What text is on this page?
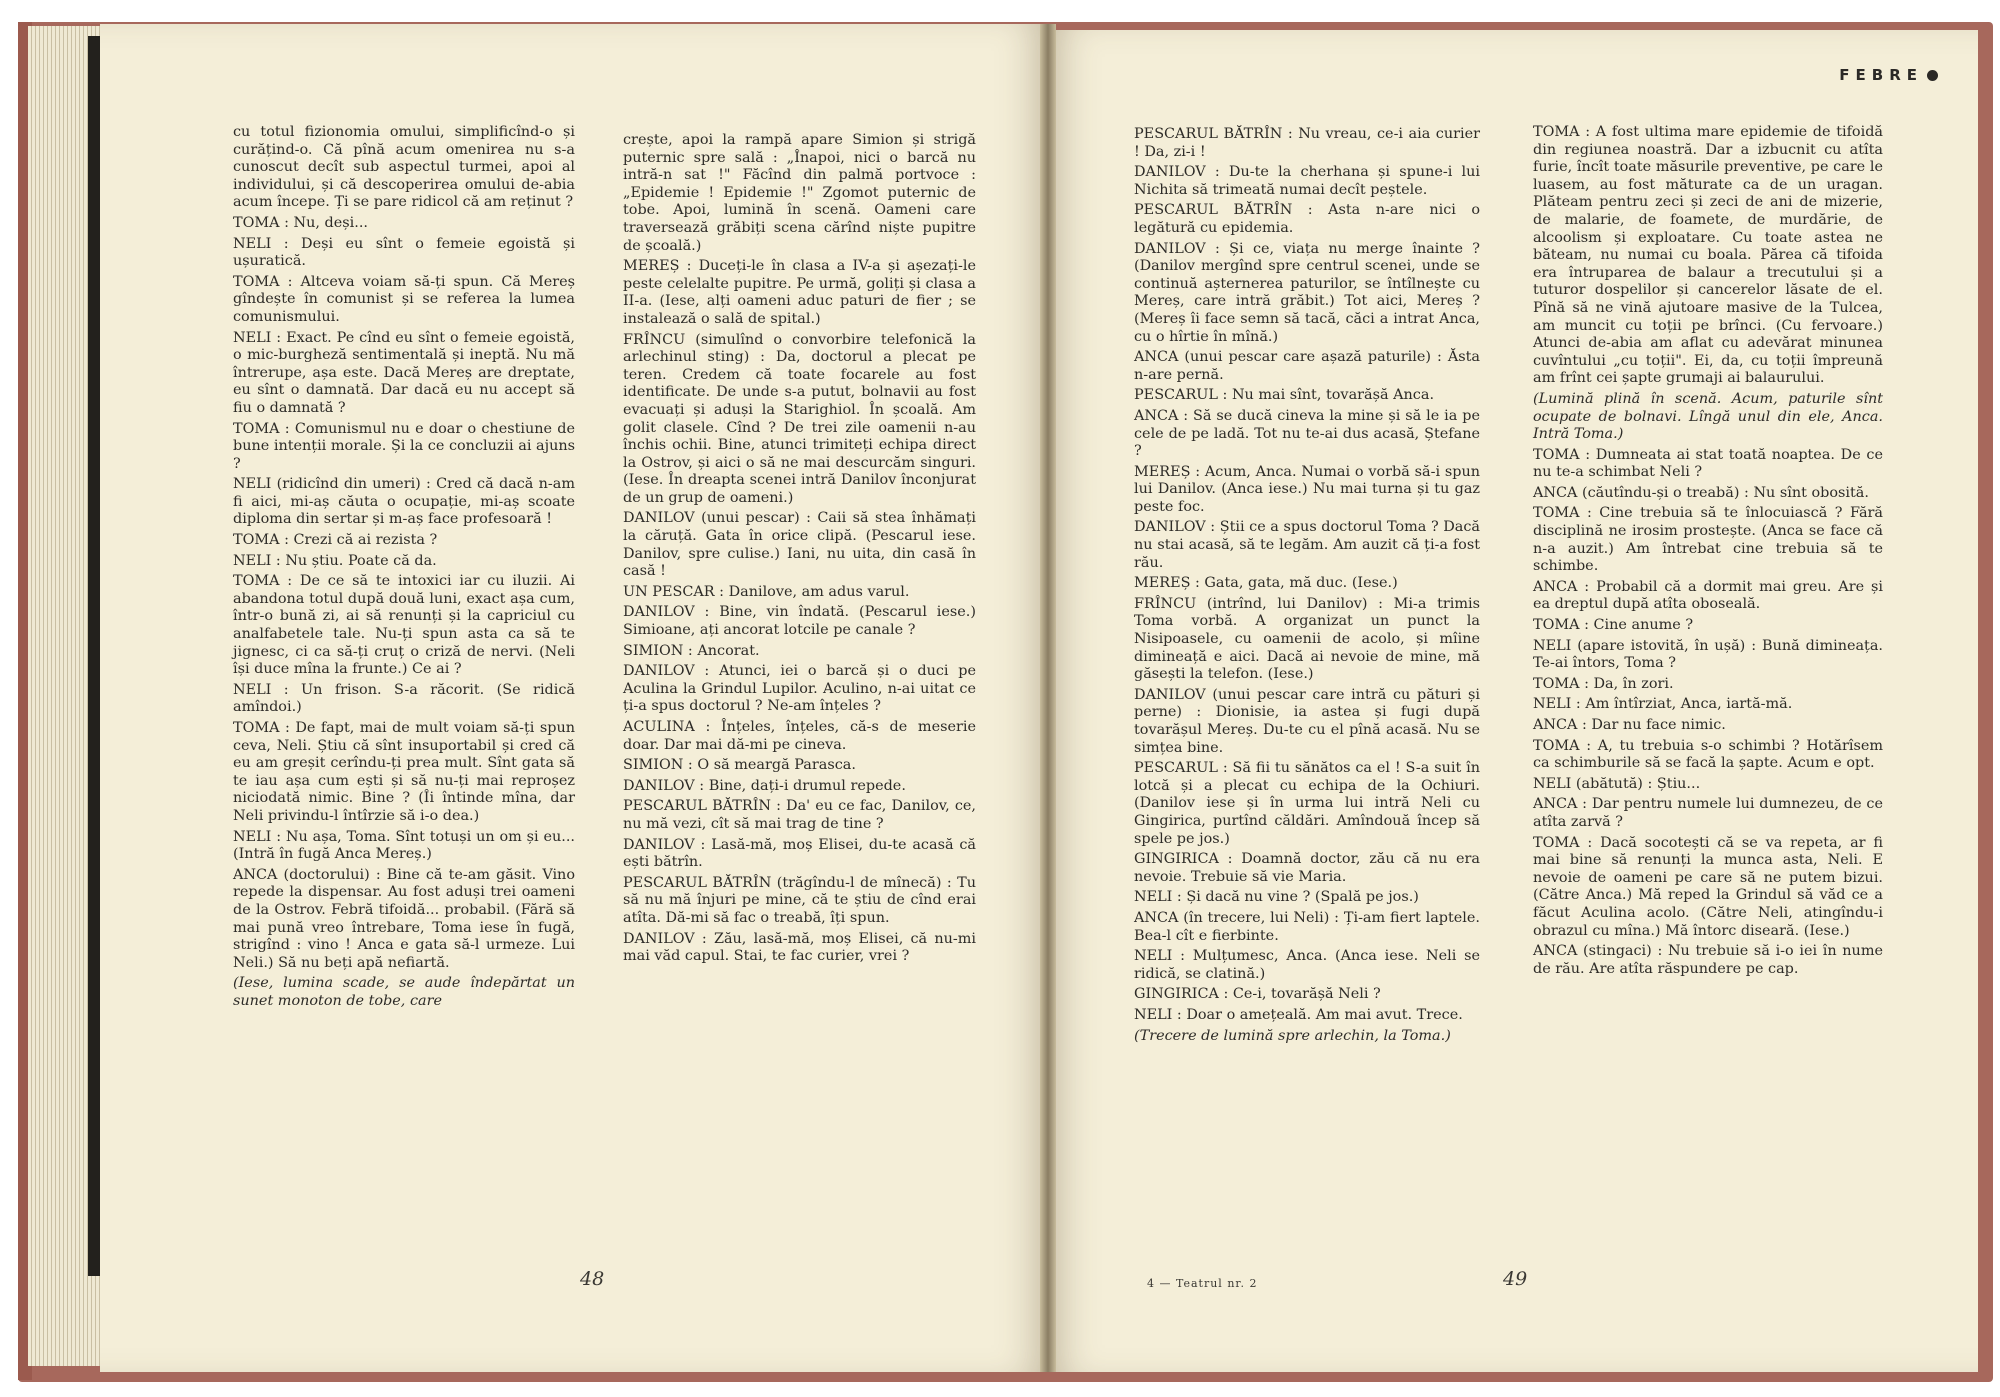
FEBRE

cu totul fizionomia omului, simplificînd-o și curățind-o. Că pînă acum omenirea nu s-a cunoscut decît sub aspectul turmei, apoi al individului, și că descoperirea omului de-abia acum începe. Ți se pare ridicol că am reținut ?

TOMA : Nu, deși...

NELI : Deși eu sînt o femeie egoistă și ușuratică.

TOMA : Altceva voiam să-ți spun. Că Mereș gîndește în comunist și se referea la lumea comunismului.

NELI : Exact. Pe cînd eu sînt o femeie egoistă, o mic-burgheză sentimentală și ineptă. Nu mă întrerupe, așa este. Dacă Mereș are dreptate, eu sînt o damnată. Dar dacă eu nu accept să fiu o damnată ?

TOMA : Comunismul nu e doar o chestiune de bune intenții morale. Și la ce concluzii ai ajuns ?

NELI (ridicînd din umeri) : Cred că dacă n-am fi aici, mi-aș căuta o ocupație, mi-aș scoate diploma din sertar și m-aș face profesoară !

TOMA : Crezi că ai rezista ?

NELI : Nu știu. Poate că da.

TOMA : De ce să te intoxici iar cu iluzii. Ai abandona totul după două luni, exact așa cum, într-o bună zi, ai să renunți și la capriciul cu analfabetele tale. Nu-ți spun asta ca să te jignesc, ci ca să-ți cruț o criză de nervi. (Neli își duce mîna la frunte.) Ce ai ?

NELI : Un frison. S-a răcorit. (Se ridică amîndoi.)

TOMA : De fapt, mai de mult voiam să-ți spun ceva, Neli. Știu că sînt insuportabil și cred că eu am greșit cerîndu-ți prea mult. Sînt gata să te iau așa cum ești și să nu-ți mai reproșez niciodată nimic. Bine ? (Îi întinde mîna, dar Neli privindu-l întîrzie să i-o dea.)

NELI : Nu așa, Toma. Sînt totuși un om și eu... (Intră în fugă Anca Mereș.)

ANCA (doctorului) : Bine că te-am găsit. Vino repede la dispensar. Au fost aduși trei oameni de la Ostrov. Febră tifoidă... probabil. (Fără să mai pună vreo întrebare, Toma iese în fugă, strigînd : vino ! Anca e gata să-l urmeze. Lui Neli.) Să nu beți apă nefiartă.

(Iese, lumina scade, se aude îndepărtat un sunet monoton de tobe, care

crește, apoi la rampă apare Simion și strigă puternic spre sală : „Înapoi, nici o barcă nu intră-n sat !" Făcînd din palmă portvoce : „Epidemie ! Epidemie !" Zgomot puternic de tobe. Apoi, lumină în scenă. Oameni care traversează grăbiți scena cărînd niște pupitre de școală.)

MEREȘ : Duceți-le în clasa a IV-a și așezați-le peste celelalte pupitre. Pe urmă, goliți și clasa a II-a. (Iese, alți oameni aduc paturi de fier ; se instalează o sală de spital.)

FRÎNCU (simulînd o convorbire telefonică la arlechinul sting) : Da, doctorul a plecat pe teren. Credem că toate focarele au fost identificate. De unde s-a putut, bolnavii au fost evacuați și aduși la Starighiol. În școală. Am golit clasele. Cînd ? De trei zile oamenii n-au închis ochii. Bine, atunci trimiteți echipa direct la Ostrov, și aici o să ne mai descurcăm singuri. (Iese. În dreapta scenei intră Danilov înconjurat de un grup de oameni.)

DANILOV (unui pescar) : Caii să stea înhămați la căruță. Gata în orice clipă. (Pescarul iese. Danilov, spre culise.) Iani, nu uita, din casă în casă !

UN PESCAR : Danilove, am adus varul.

DANILOV : Bine, vin îndată. (Pescarul iese.) Simioane, ați ancorat lotcile pe canale ?

SIMION : Ancorat.

DANILOV : Atunci, iei o barcă și o duci pe Aculina la Grindul Lupilor. Aculino, n-ai uitat ce ți-a spus doctorul ? Ne-am înțeles ?

ACULINA : Înțeles, înțeles, că-s de meserie doar. Dar mai dă-mi pe cineva.

SIMION : O să meargă Parasca.

DANILOV : Bine, dați-i drumul repede.

PESCARUL BĂTRÎN : Da' eu ce fac, Danilov, ce, nu mă vezi, cît să mai trag de tine ?

DANILOV : Lasă-mă, moș Elisei, du-te acasă că ești bătrîn.

PESCARUL BĂTRÎN (trăgîndu-l de mînecă) : Tu să nu mă înjuri pe mine, că te știu de cînd erai atîta. Dă-mi să fac o treabă, îți spun.

DANILOV : Zău, lasă-mă, moș Elisei, că nu-mi mai văd capul. Stai, te fac curier, vrei ?

PESCARUL BĂTRÎN : Nu vreau, ce-i aia curier ! Da, zi-i !

DANILOV : Du-te la cherhana și spune-i lui Nichita să trimeată numai decît peștele.

PESCARUL BĂTRÎN : Asta n-are nici o legătură cu epidemia.

DANILOV : Și ce, viața nu merge înainte ? (Danilov mergînd spre centrul scenei, unde se continuă așternerea paturilor, se întîlnește cu Mereș, care intră grăbit.) Tot aici, Mereș ? (Mereș îi face semn să tacă, căci a intrat Anca, cu o hîrtie în mînă.)

ANCA (unui pescar care așază paturile) : Ăsta n-are pernă.

PESCARUL : Nu mai sînt, tovarășă Anca.

ANCA : Să se ducă cineva la mine și să le ia pe cele de pe ladă. Tot nu te-ai dus acasă, Ștefane ?

MEREȘ : Acum, Anca. Numai o vorbă să-i spun lui Danilov. (Anca iese.) Nu mai turna și tu gaz peste foc.

DANILOV : Știi ce a spus doctorul Toma ? Dacă nu stai acasă, să te legăm. Am auzit că ți-a fost rău.

MEREȘ : Gata, gata, mă duc. (Iese.)

FRÎNCU (intrînd, lui Danilov) : Mi-a trimis Toma vorbă. A organizat un punct la Nisipoasele, cu oamenii de acolo, și mîine dimineață e aici. Dacă ai nevoie de mine, mă găsești la telefon. (Iese.)

DANILOV (unui pescar care intră cu pături și perne) : Dionisie, ia astea și fugi după tovarășul Mereș. Du-te cu el pînă acasă. Nu se simțea bine.

PESCARUL : Să fii tu sănătos ca el ! S-a suit în lotcă și a plecat cu echipa de la Ochiuri. (Danilov iese și în urma lui intră Neli cu Gingirica, purtînd căldări. Amîndouă încep să spele pe jos.)

GINGIRICA : Doamnă doctor, zău că nu era nevoie. Trebuie să vie Maria.

NELI : Și dacă nu vine ? (Spală pe jos.)

ANCA (în trecere, lui Neli) : Ți-am fiert laptele. Bea-l cît e fierbinte.

NELI : Mulțumesc, Anca. (Anca iese. Neli se ridică, se clatină.)

GINGIRICA : Ce-i, tovarășă Neli ?

NELI : Doar o amețeală. Am mai avut. Trece.

(Trecere de lumină spre arlechin, la Toma.)

TOMA : A fost ultima mare epidemie de tifoidă din regiunea noastră. Dar a izbucnit cu atîta furie, încît toate măsurile preventive, pe care le luasem, au fost măturate ca de un uragan. Plăteam pentru zeci și zeci de ani de mizerie, de malarie, de foamete, de murdărie, de alcoolism și exploatare. Cu toate astea ne băteam, nu numai cu boala. Părea că tifoida era întruparea de balaur a trecutului și a tuturor dospelilor și cancerelor lăsate de el. Pînă să ne vină ajutoare masive de la Tulcea, am muncit cu toții pe brînci. (Cu fervoare.) Atunci de-abia am aflat cu adevărat minunea cuvîntului „cu toții". Ei, da, cu toții împreună am frînt cei șapte grumaji ai balaurului.

(Lumină plină în scenă. Acum, paturile sînt ocupate de bolnavi. Lîngă unul din ele, Anca. Intră Toma.)

TOMA : Dumneata ai stat toată noaptea. De ce nu te-a schimbat Neli ?

ANCA (căutîndu-și o treabă) : Nu sînt obosită.

TOMA : Cine trebuia să te înlocuiască ? Fără disciplină ne irosim prostește. (Anca se face că n-a auzit.) Am întrebat cine trebuia să te schimbe.

ANCA : Probabil că a dormit mai greu. Are și ea dreptul după atîta oboseală.

TOMA : Cine anume ?

NELI (apare istovită, în ușă) : Bună dimineața. Te-ai întors, Toma ?

TOMA : Da, în zori.

NELI : Am întîrziat, Anca, iartă-mă.

ANCA : Dar nu face nimic.

TOMA : A, tu trebuia s-o schimbi ? Hotărîsem ca schimburile să se facă la șapte. Acum e opt.

NELI (abătută) : Știu...

ANCA : Dar pentru numele lui dumnezeu, de ce atîta zarvă ?

TOMA : Dacă socotești că se va repeta, ar fi mai bine să renunți la munca asta, Neli. E nevoie de oameni pe care să ne putem bizui. (Către Anca.) Mă reped la Grindul să văd ce a făcut Aculina acolo. (Către Neli, atingîndu-i obrazul cu mîna.) Mă întorc diseară. (Iese.)

ANCA (stingaci) : Nu trebuie să i-o iei în nume de rău. Are atîta răspundere pe cap.

48	49
4 — Teatrul nr. 2
